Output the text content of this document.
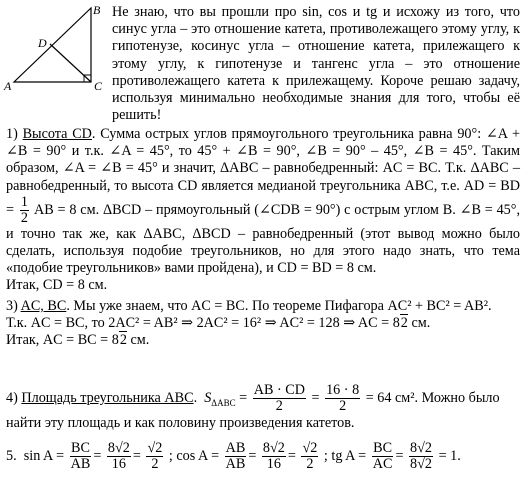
A
B
C
D
Не знаю, что вы прошли про sin, cos и tg и исхожу из того, что синус угла – это отношение катета, противолежащего этому углу, к гипотенузе, косинус угла – отношение катета, прилежащего к этому углу, к гипотенузе и тангенс угла – это отношение противолежащего катета к прилежащему. Короче решаю задачу, используя минимально необходимые знания для того, чтобы её решить!
1) Высота CD. Сумма острых углов прямоугольного треугольника равна 90°: ∠A + ∠B = 90° и т.к. ∠A = 45°, то 45° + ∠B = 90°, ∠B = 90° – 45°, ∠B = 45°. Таким образом, ∠A = ∠B = 45° и значит, ΔABC – равнобедренный: AC = BC. Т.к. ΔABC – равнобедренный, то высота CD является медианой треугольника ABC, т.е. AD = BD = $\frac{1}{2}$ AB = 8 см. ΔBCD – прямоугольный (∠CDB = 90°) с острым углом B. ∠B = 45°, и точно так же, как ΔABC, ΔBCD – равнобедренный (этот вывод можно было сделать, используя подобие треугольников, но для этого надо знать, что тема «подобие треугольников» вами пройдена), и CD = BD = 8 см.
Итак, CD = 8 см.
3) AC, BC. Мы уже знаем, что AC = BC. По теореме Пифагора AC² + BC² = AB².
Т.к. AC = BC, то 2AC² = AB² ⇒ 2AC² = 16² ⇒ AC² = 128 ⇒ AC = 82 см.
Итак, AC = BC = 82 см.
4) Площадь треугольника ABC. $S_{\Delta ABC} = \frac{AB \cdot CD}{2} = \frac{16 \cdot 8}{2} = 64$ см². Можно было
найти эту площадь и как половину произведения катетов.
5. $\sin A = \frac{BC}{AB} = \frac{8√2}{16} = \frac{√2}{2}$ ; $\cos A = \frac{AB}{AB} = \frac{8√2}{16} = \frac{√2}{2}$ ; tg $A = \frac{BC}{AC} = \frac{8√2}{8√2} = 1$.
